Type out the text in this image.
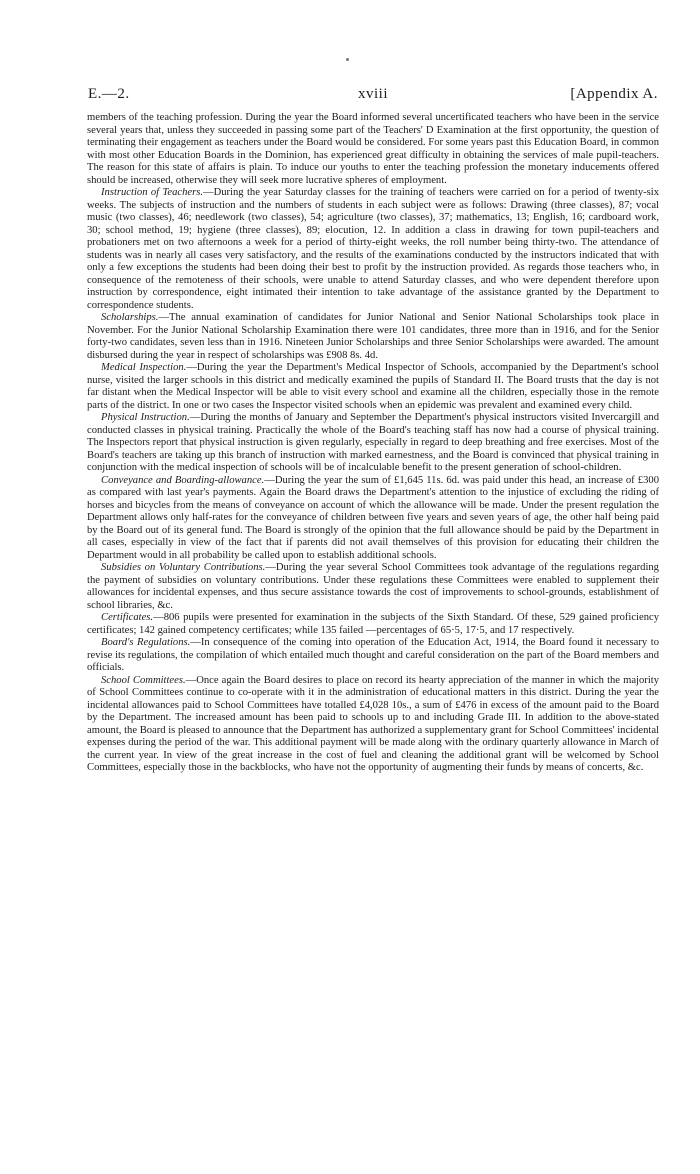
E.—2.	xviii	[Appendix A.

members of the teaching profession. During the year the Board informed several uncertificated teachers who have been in the service several years that, unless they succeeded in passing some part of the Teachers' D Examination at the first opportunity, the question of terminating their engagement as teachers under the Board would be considered. For some years past this Education Board, in common with most other Education Boards in the Dominion, has experienced great difficulty in obtaining the services of male pupil-teachers. The reason for this state of affairs is plain. To induce our youths to enter the teaching profession the monetary inducements offered should be increased, otherwise they will seek more lucrative spheres of employment.

Instruction of Teachers.—During the year Saturday classes for the training of teachers were carried on for a period of twenty-six weeks. The subjects of instruction and the numbers of students in each subject were as follows: Drawing (three classes), 87; vocal music (two classes), 46; needlework (two classes), 54; agriculture (two classes), 37; mathematics, 13; English, 16; cardboard work, 30; school method, 19; hygiene (three classes), 89; elocution, 12. In addition a class in drawing for town pupil-teachers and probationers met on two afternoons a week for a period of thirty-eight weeks, the roll number being thirty-two. The attendance of students was in nearly all cases very satisfactory, and the results of the examinations conducted by the instructors indicated that with only a few exceptions the students had been doing their best to profit by the instruction provided. As regards those teachers who, in consequence of the remoteness of their schools, were unable to attend Saturday classes, and who were dependent therefore upon instruction by correspondence, eight intimated their intention to take advantage of the assistance granted by the Department to correspondence students.

Scholarships.—The annual examination of candidates for Junior National and Senior National Scholarships took place in November. For the Junior National Scholarship Examination there were 101 candidates, three more than in 1916, and for the Senior forty-two candidates, seven less than in 1916. Nineteen Junior Scholarships and three Senior Scholarships were awarded. The amount disbursed during the year in respect of scholarships was £908 8s. 4d.

Medical Inspection.—During the year the Department's Medical Inspector of Schools, accompanied by the Department's school nurse, visited the larger schools in this district and medically examined the pupils of Standard II. The Board trusts that the day is not far distant when the Medical Inspector will be able to visit every school and examine all the children, especially those in the remote parts of the district. In one or two cases the Inspector visited schools when an epidemic was prevalent and examined every child.

Physical Instruction.—During the months of January and September the Department's physical instructors visited Invercargill and conducted classes in physical training. Practically the whole of the Board's teaching staff has now had a course of physical training. The Inspectors report that physical instruction is given regularly, especially in regard to deep breathing and free exercises. Most of the Board's teachers are taking up this branch of instruction with marked earnestness, and the Board is convinced that physical training in conjunction with the medical inspection of schools will be of incalculable benefit to the present generation of school-children.

Conveyance and Boarding-allowance.—During the year the sum of £1,645 11s. 6d. was paid under this head, an increase of £300 as compared with last year's payments. Again the Board draws the Department's attention to the injustice of excluding the riding of horses and bicycles from the means of conveyance on account of which the allowance will be made. Under the present regulation the Department allows only half-rates for the conveyance of children between five years and seven years of age, the other half being paid by the Board out of its general fund. The Board is strongly of the opinion that the full allowance should be paid by the Department in all cases, especially in view of the fact that if parents did not avail themselves of this provision for educating their children the Department would in all probability be called upon to establish additional schools.

Subsidies on Voluntary Contributions.—During the year several School Committees took advantage of the regulations regarding the payment of subsidies on voluntary contributions. Under these regulations these Committees were enabled to supplement their allowances for incidental expenses, and thus secure assistance towards the cost of improvements to school-grounds, establishment of school libraries, &c.

Certificates.—806 pupils were presented for examination in the subjects of the Sixth Standard. Of these, 529 gained proficiency certificates; 142 gained competency certificates; while 135 failed —percentages of 65·5, 17·5, and 17 respectively.

Board's Regulations.—In consequence of the coming into operation of the Education Act, 1914, the Board found it necessary to revise its regulations, the compilation of which entailed much thought and careful consideration on the part of the Board members and officials.

School Committees.—Once again the Board desires to place on record its hearty appreciation of the manner in which the majority of School Committees continue to co-operate with it in the administration of educational matters in this district. During the year the incidental allowances paid to School Committees have totalled £4,028 10s., a sum of £476 in excess of the amount paid to the Board by the Department. The increased amount has been paid to schools up to and including Grade III. In addition to the above-stated amount, the Board is pleased to announce that the Department has authorized a supplementary grant for School Committees' incidental expenses during the period of the war. This additional payment will be made along with the ordinary quarterly allowance in March of the current year. In view of the great increase in the cost of fuel and cleaning the additional grant will be welcomed by School Committees, especially those in the backblocks, who have not the opportunity of augmenting their funds by means of concerts, &c.
